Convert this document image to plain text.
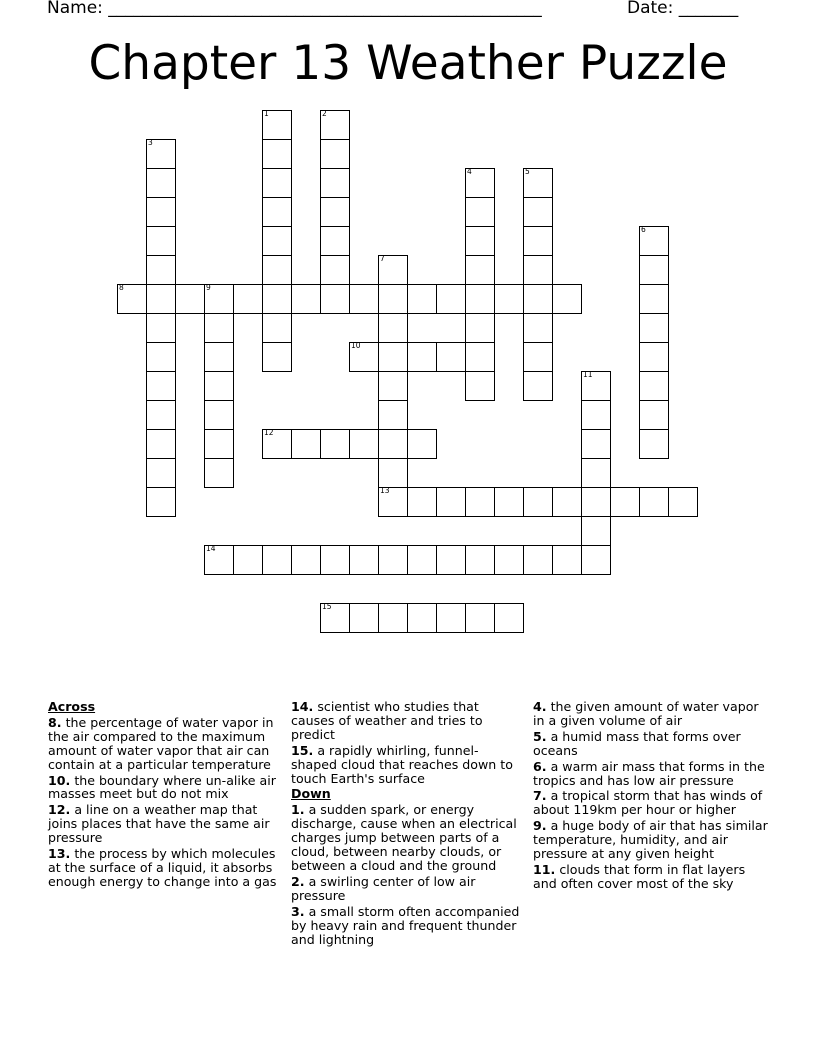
Name: ___________________________________________________	Date: _______
Chapter 13 Weather Puzzle
1	2
3
4	5
6
7
8	9
10
11
12
13
14
15
Across
8. the percentage of water vapor in the air compared to the maximum amount of water vapor that air can contain at a particular temperature
10. the boundary where un-alike air masses meet but do not mix
12. a line on a weather map that joins places that have the same air pressure
13. the process by which molecules at the surface of a liquid, it absorbs enough energy to change into a gas
14. scientist who studies that causes of weather and tries to predict
15. a rapidly whirling, funnel-shaped cloud that reaches down to touch Earth's surface
Down
1. a sudden spark, or energy discharge, cause when an electrical charges jump between parts of a cloud, between nearby clouds, or between a cloud and the ground
2. a swirling center of low air pressure
3. a small storm often accompanied by heavy rain and frequent thunder and lightning
4. the given amount of water vapor in a given volume of air
5. a humid mass that forms over oceans
6. a warm air mass that forms in the tropics and has low air pressure
7. a tropical storm that has winds of about 119km per hour or higher
9. a huge body of air that has similar temperature, humidity, and air pressure at any given height
11. clouds that form in flat layers and often cover most of the sky
